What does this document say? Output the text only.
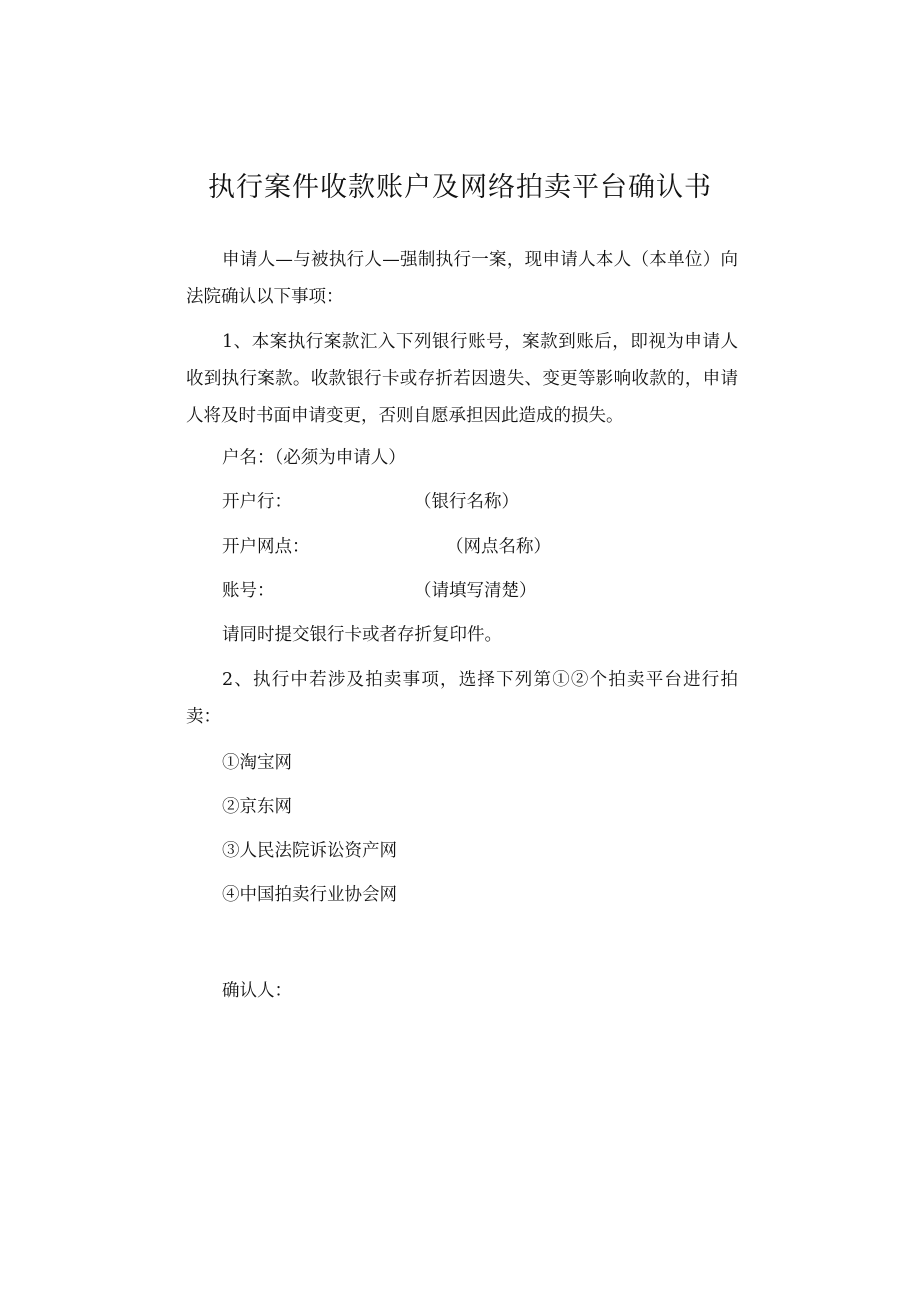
执行案件收款账户及网络拍卖平台确认书

申请人—与被执行人—强制执行一案，现申请人本人（本单位）向法院确认以下事项：

1、本案执行案款汇入下列银行账号，案款到账后，即视为申请人收到执行案款。收款银行卡或存折若因遗失、变更等影响收款的，申请人将及时书面申请变更，否则自愿承担因此造成的损失。

户名：（必须为申请人）

开户行：	（银行名称）

开户网点：	（网点名称）

账号：	（请填写清楚）

请同时提交银行卡或者存折复印件。

2、执行中若涉及拍卖事项，选择下列第①②个拍卖平台进行拍卖：

①淘宝网

②京东网

③人民法院诉讼资产网

④中国拍卖行业协会网

确认人：
